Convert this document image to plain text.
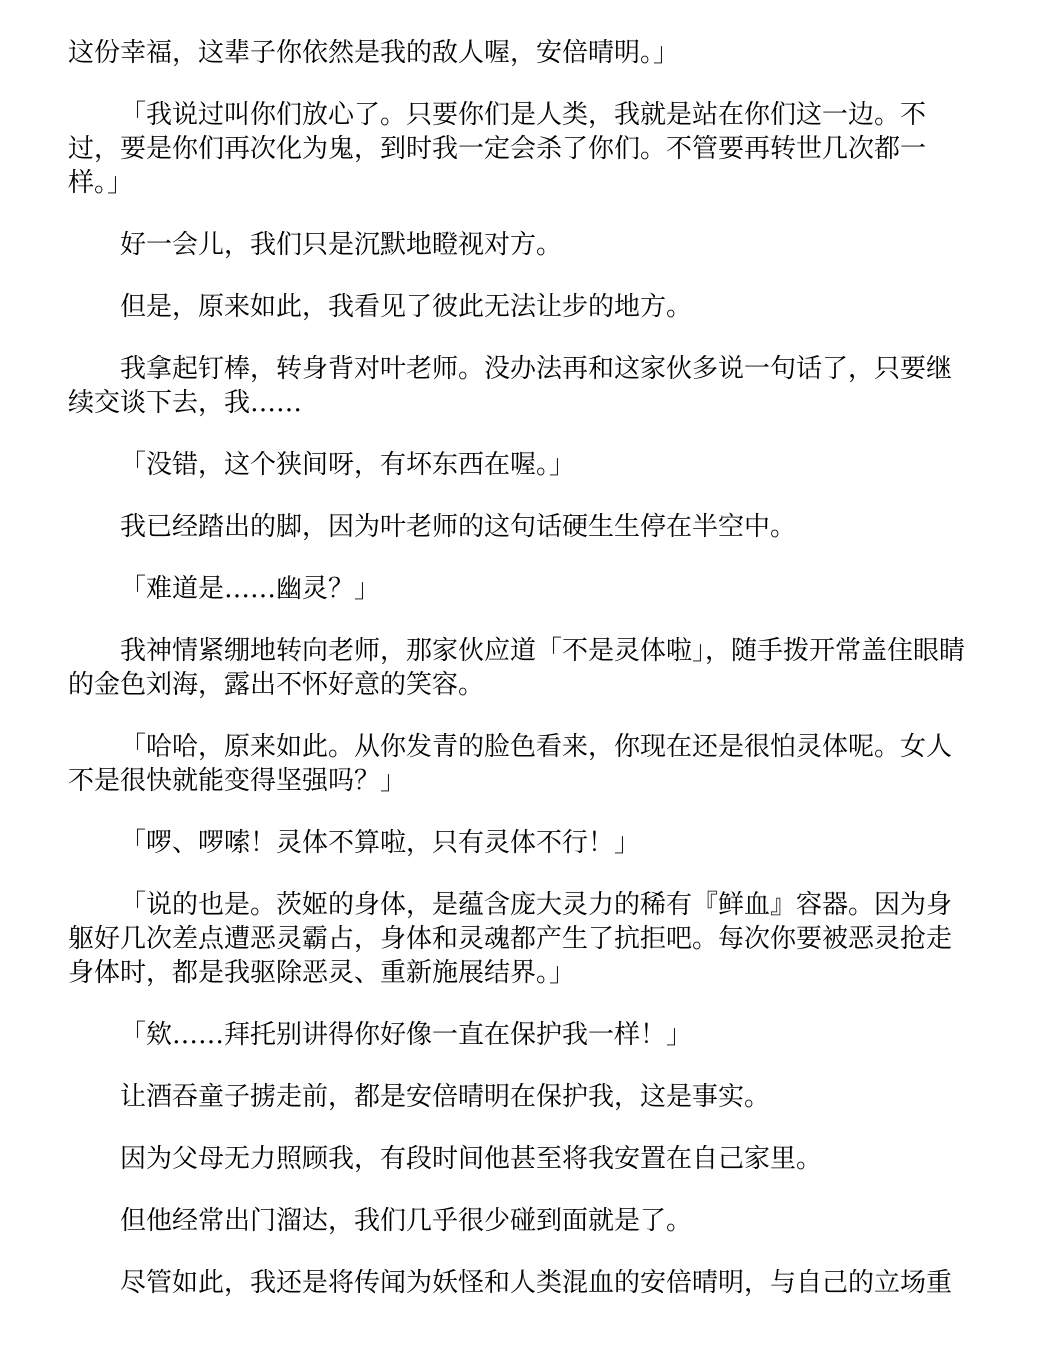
这份幸福，这辈子你依然是我的敌人喔，安倍晴明。」

「我说过叫你们放心了。只要你们是人类，我就是站在你们这一边。不过，要是你们再次化为鬼，到时我一定会杀了你们。不管要再转世几次都一样。」

好一会儿，我们只是沉默地瞪视对方。

但是，原来如此，我看见了彼此无法让步的地方。

我拿起钉棒，转身背对叶老师。没办法再和这家伙多说一句话了，只要继续交谈下去，我……

「没错，这个狭间呀，有坏东西在喔。」

我已经踏出的脚，因为叶老师的这句话硬生生停在半空中。

「难道是……幽灵？」

我神情紧绷地转向老师，那家伙应道「不是灵体啦」，随手拨开常盖住眼睛的金色刘海，露出不怀好意的笑容。

「哈哈，原来如此。从你发青的脸色看来，你现在还是很怕灵体呢。女人不是很快就能变得坚强吗？」

「啰、啰嗦！灵体不算啦，只有灵体不行！」

「说的也是。茨姬的身体，是蕴含庞大灵力的稀有『鲜血』容器。因为身躯好几次差点遭恶灵霸占，身体和灵魂都产生了抗拒吧。每次你要被恶灵抢走身体时，都是我驱除恶灵、重新施展结界。」

「欸……拜托别讲得你好像一直在保护我一样！」

让酒吞童子掳走前，都是安倍晴明在保护我，这是事实。

因为父母无力照顾我，有段时间他甚至将我安置在自己家里。

但他经常出门溜达，我们几乎很少碰到面就是了。

尽管如此，我还是将传闻为妖怪和人类混血的安倍晴明，与自己的立场重
